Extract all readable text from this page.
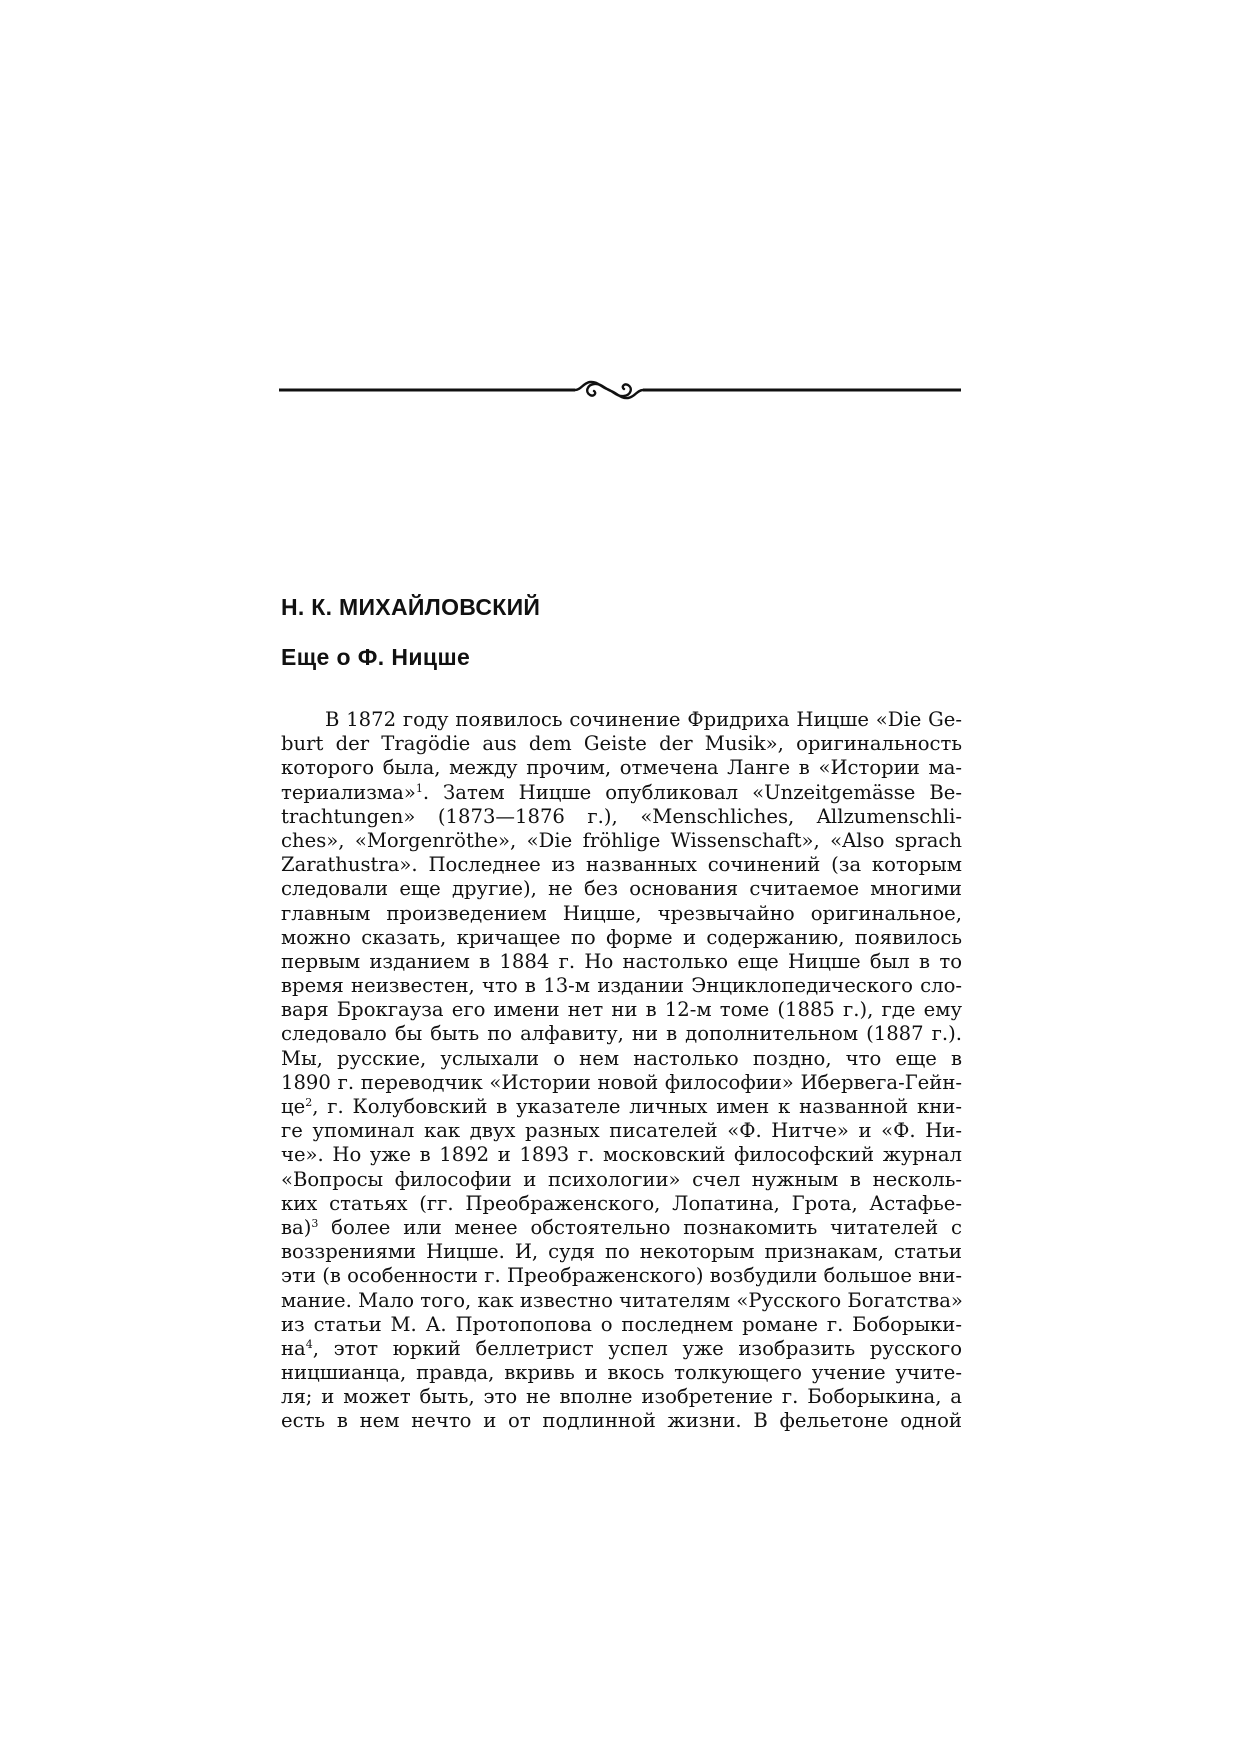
Н. К. МИХАЙЛОВСКИЙ
Еще о Ф. Ницше
В 1872 году появилось сочинение Фридриха Ницше «Die Ge-
burt der Tragödie aus dem Geiste der Musik», оригинальность
которого была, между прочим, отмечена Ланге в «Истории ма-
териализма»$^1$. Затем Ницше опубликовал «Unzeitgemässe Be-
trachtungen» (1873—1876 г.), «Menschliches, Allzumenschli-
ches», «Morgenröthe», «Die fröhlige Wissenschaft», «Also sprach
Zarathustra». Последнее из названных сочинений (за которым
следовали еще другие), не без основания считаемое многими
главным произведением Ницше, чрезвычайно оригинальное,
можно сказать, кричащее по форме и содержанию, появилось
первым изданием в 1884 г. Но настолько еще Ницше был в то
время неизвестен, что в 13-м издании Энциклопедического сло-
варя Брокгауза его имени нет ни в 12-м томе (1885 г.), где ему
следовало бы быть по алфавиту, ни в дополнительном (1887 г.).
Мы, русские, услыхали о нем настолько поздно, что еще в
1890 г. переводчик «Истории новой философии» Ибервега-Гейн-
$це^2$, г. Колубовский в указателе личных имен к названной кни-
ге упоминал как двух разных писателей «Ф. Нитче» и «Ф. Ни-
че». Но уже в 1892 и 1893 г. московский философский журнал
«Вопросы философии и психологии» счел нужным в несколь-
ких статьях (гг. Преображенского, Лопатина, Грота, Астафье-
ва)$^3$ более или менее обстоятельно познакомить читателей с
воззрениями Ницше. И, судя по некоторым признакам, статьи
эти (в особенности г. Преображенского) возбудили большое вни-
мание. Мало того, как известно читателям «Русского Богатства»
из статьи М. А. Протопопова о последнем романе г. Боборыки-
$на^4$, этот юркий беллетрист успел уже изобразить русского
ницшианца, правда, вкривь и вкось толкующего учение учите-
ля; и может быть, это не вполне изобретение г. Боборыкина, а
есть в нем нечто и от подлинной жизни. В фельетоне одной
